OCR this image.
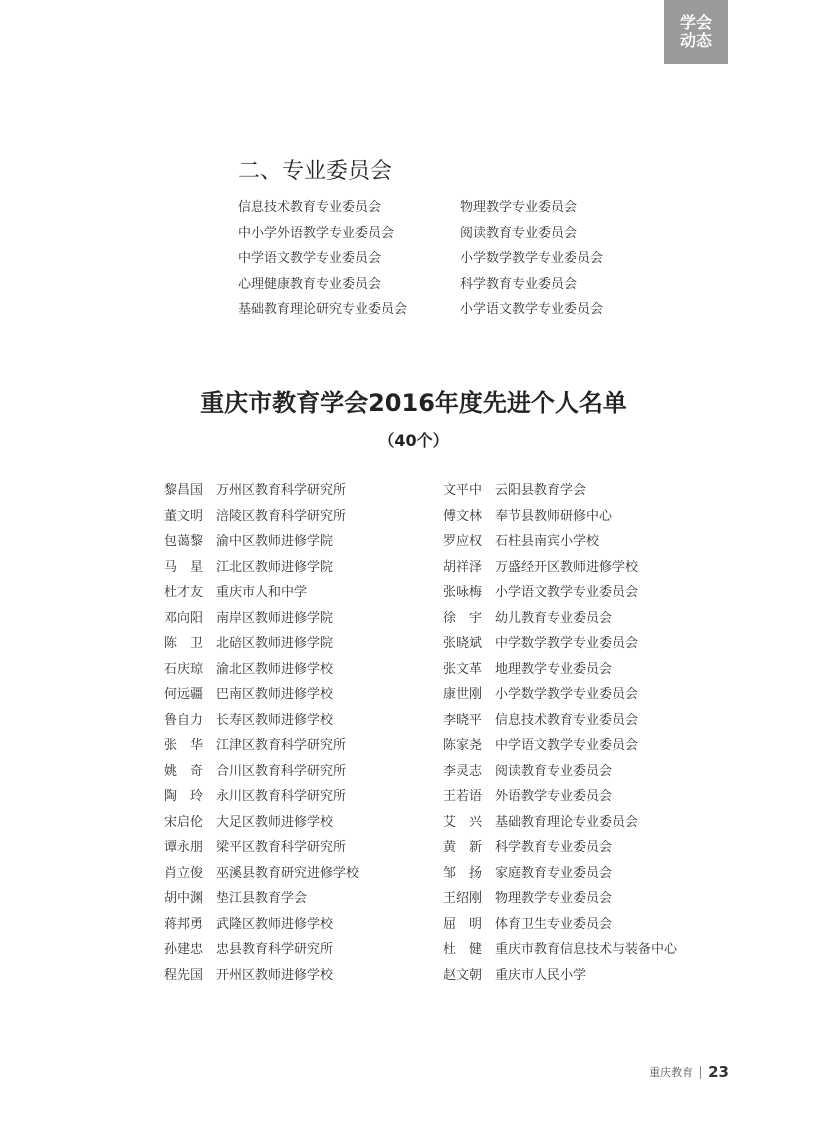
学会
动态
二、专业委员会
信息技术教育专业委员会
中小学外语教学专业委员会
中学语文教学专业委员会
心理健康教育专业委员会
基础教育理论研究专业委员会
物理教学专业委员会
阅读教育专业委员会
小学数学教学专业委员会
科学教育专业委员会
小学语文教学专业委员会
重庆市教育学会2016年度先进个人名单
（40个）
黎昌国 万州区教育科学研究所
董文明 涪陵区教育科学研究所
包蔼黎 渝中区教师进修学院
马　星 江北区教师进修学院
杜才友 重庆市人和中学
邓向阳 南岸区教师进修学院
陈　卫 北碚区教师进修学院
石庆琼 渝北区教师进修学校
何远疆 巴南区教师进修学校
鲁自力 长寿区教师进修学校
张　华 江津区教育科学研究所
姚　奇 合川区教育科学研究所
陶　玲 永川区教育科学研究所
宋启伦 大足区教师进修学校
谭永朋 梁平区教育科学研究所
肖立俊 巫溪县教育研究进修学校
胡中渊 垫江县教育学会
蒋邦勇 武隆区教师进修学校
孙建忠 忠县教育科学研究所
程先国 开州区教师进修学校
文平中 云阳县教育学会
傅文林 奉节县教师研修中心
罗应权 石柱县南宾小学校
胡祥泽 万盛经开区教师进修学校
张咏梅 小学语文教学专业委员会
徐　宇 幼儿教育专业委员会
张晓斌 中学数学教学专业委员会
张文革 地理教学专业委员会
康世刚 小学数学教学专业委员会
李晓平 信息技术教育专业委员会
陈家尧 中学语文教学专业委员会
李灵志 阅读教育专业委员会
王若语 外语教学专业委员会
艾　兴 基础教育理论专业委员会
黄　新 科学教育专业委员会
邹　扬 家庭教育专业委员会
王绍刚 物理教学专业委员会
屈　明 体育卫生专业委员会
杜　健 重庆市教育信息技术与装备中心
赵文朝 重庆市人民小学
重庆教育 23
